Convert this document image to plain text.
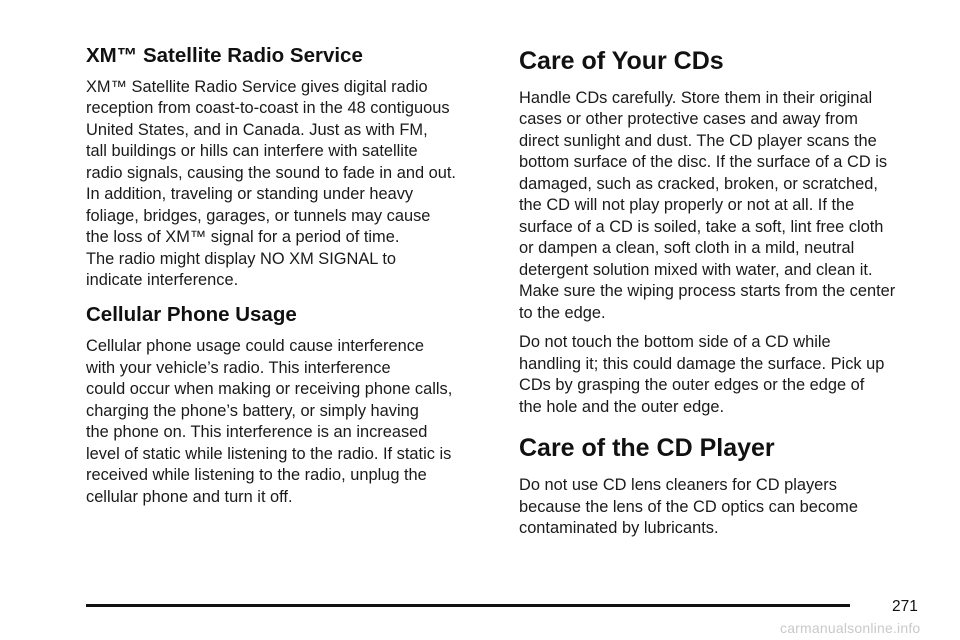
XM™ Satellite Radio Service

XM™ Satellite Radio Service gives digital radio
reception from coast-to-coast in the 48 contiguous
United States, and in Canada. Just as with FM,
tall buildings or hills can interfere with satellite
radio signals, causing the sound to fade in and out.
In addition, traveling or standing under heavy
foliage, bridges, garages, or tunnels may cause
the loss of XM™ signal for a period of time.
The radio might display NO XM SIGNAL to
indicate interference.

Cellular Phone Usage

Cellular phone usage could cause interference
with your vehicle’s radio. This interference
could occur when making or receiving phone calls,
charging the phone’s battery, or simply having
the phone on. This interference is an increased
level of static while listening to the radio. If static is
received while listening to the radio, unplug the
cellular phone and turn it off.

Care of Your CDs

Handle CDs carefully. Store them in their original
cases or other protective cases and away from
direct sunlight and dust. The CD player scans the
bottom surface of the disc. If the surface of a CD is
damaged, such as cracked, broken, or scratched,
the CD will not play properly or not at all. If the
surface of a CD is soiled, take a soft, lint free cloth
or dampen a clean, soft cloth in a mild, neutral
detergent solution mixed with water, and clean it.
Make sure the wiping process starts from the center
to the edge.

Do not touch the bottom side of a CD while
handling it; this could damage the surface. Pick up
CDs by grasping the outer edges or the edge of
the hole and the outer edge.

Care of the CD Player

Do not use CD lens cleaners for CD players
because the lens of the CD optics can become
contaminated by lubricants.

271
carmanualsonline.info
